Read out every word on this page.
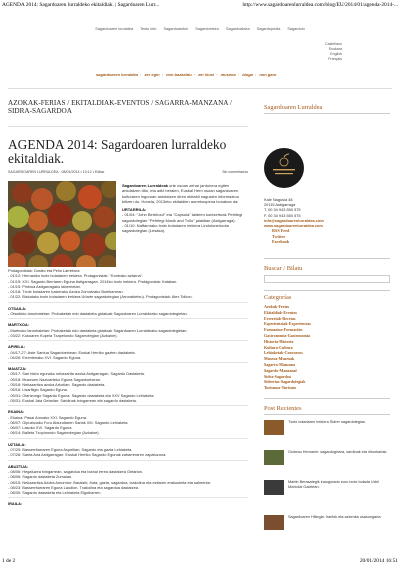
AGENDA 2014: Sagardoaren lurraldeko ekitaldiak. | Sagardoaren Lurr...	http://www.sagardoarenlurraldea.com/blog/EU/2014/01/agenda-2014-...
Sagardoaren lurraldea Testu info Sagardoarekin Sagardoetxeo Sagardoaldea Sagardopedia Sagardoin
Castellano
Euskara
English
Français
sagardoaren lurraldea · zer egin · non bazkaldu · zer ikusi · museoa · bloga · non garo
AZOKAK-FERIAS / EKITALDIAK-EVENTOS / SAGARRA-MANZANA / SIDRA-SAGARDOA	Sagardoaren Lurraldea
AGENDA 2014: Sagardoaren lurraldeko ekitaldiak.
SAGARDOAREN LURRALDEA · 08/01/2014 • 10:12 • Editar	Sin comentarios
Sagardoaren Lurraldeak urte osoan zehar jardunera egiten antolatzen ditu, eta adiž beraien, Euskal Herri osoan sagardoaren kulturaren inguruan antolatzen diren ekitaldi nagusien informazioa biltzen du. Honela, 2013eko ekitaldien aurrekuspena honakoa da:
URTARRILA:
- 01/04: "John Berkhout" eta "Capsula" taldeen kontzertuak Petrilegi sagardotegian "Petrilegi Musik and Txilo" jaialdian (Astigarraga).
- 01/10: Naffarroako txotx boladaren irekiera Lindolunetroota sagardotegian (Lesaka).
Protagonistak: Dorato eta Pello Larretxea.
- 01/12: Hernaniko txotx boladaren irekiera. Protagonistak: "Kontrako aztarna".
- 01/15: XXI. Sagardo Berriaren Eguna Astigarragan. 2014ko txotx irekiera. Protagonista: Katakan.
- 01/15: Pintxoa Astigarragako tabernetan.
- 01/18: Txotx boladaren hasierako Azoka Zornotzako Bulebarrean.
- 01/22: Bizkaiako txotx boladaren irekiera Uriarte sagardotegian (Arrorabietxu). Protagonistak: Alex Tolkon.
OTSAILA:
- Otsaileko larunbatetan: Probaketak edo dastaketa gidatuak Sagardoaren Lurraldeako sagardotegietan.
MARTXOA:
- Martxoko larunbatetan: Probaketak edo dastaketa gidatuak Sagardoaren Lurraldeako sagardotegietan.
- 03/22: Kukuaren Kupela Txapelondo Sagarrotegian (Azkaine).
APIRILA:
- 04/17-27: Aste Santua Sagardoetxean: Euskal Herriko gazten dastaketa.
- 04/26: Errenteriako XVI. Sagardo Eguna.
MAIATZA:
- 05/17: Sari bidro egunako nekazarita azoka Astigarragan. Sagardo Dastaketa.
- 05/18: Museoen Nazioarteko Eguna Sagardoetxean.
- 05/18: Nekazaritza azoka Arkotlan. Sagardo dastaketa.
- 05/16: Lisarfiigio Sagardo Eguna.
- 05/31: Oiartzungo Sagardo Eguna. Sagardo dastaketa eta XXV Sagardo Lehiaketa.
- 05/31: Euskal Jaia Getarian: Sardinak txingarrean eta sagardo dastaketa.
EKAINA:
- Ekaina: Pasai Amoako XXI. Sagardo Eguna.
- 06/07: Gipuzkoako Foru Aldundiaren Sariak XIII. Sagardo Lehiaketa.
- 06/07: Lasoko XVI. Sagardo Eguna.
- 06/14: Balleta Txopinondo Sagarrotegian (Azkaine).
UZTAILA:
- 07/25: Basserritarraren Eguna Aspeitian: Sagardo eta gazta Lehiaketa.
- 07/26: Santa Ana Astigarragan: Euskal Herriko Sagardo Egunak zaharreraren zapatuzuna.
ABUZTUA:
- 08/06: Hegaluzea txingarrean, sagardoa eta txahal errea dastatzea Getarian.
- 08/06: Sagardo dastaketa Zumaian.
- 08/15: Nekazaritza Azoka Amurrion: Baratzki, fruta, gazta, sagardoa, txakolina eta eztiaren erakusketa eta salmenta.
- 08/23: Basserritarraren Eguna Laudion. Txakolina eta sagardoa dastatzea.
- 08/30: Sagardo dastaketa eta Lehiaketa Elgoibarren.
IRAILA:
Kale Nagusia 48
20115 Astigarraga
T. 00 34 943 550 575
F. 00 34 943 550 575
info@sagardoarenlurraldea.com
www.sagardoarenlurraldea.com
RSS Feed
Twitter
Facebook
Buscar / Bilatu
Categorías
Azokak-Ferias
Ekitaldiak-Eventos
Errezetak-Recetas
Esperientziak-Experiencias
Formazioa-Formación
Gastronomia-Gastronomía
Historia-Historia
Kultura-Cultura
Lehiaketak-Concursos
Museoa-Museoak
Sagarra-Manzana
Sagardo-Manzanal
Sidra-Sagardoa
Sidrerías-Sagardotegiak
Turismoa-Turismo
Post Recientes
Txotx boladaren irekiera Sidrer sagardotegian.
Groteau Hernanin: sagardogintza, sardinak eta irikurkariak.
Martin Berasategik inaugurado euro txotx bolada Urbil Morkolal Gaiztean.
Sagardoaren Hiltegia: Iraritzk eta azkenka osasungaria.
1 de 2	20/01/2014 16:51
